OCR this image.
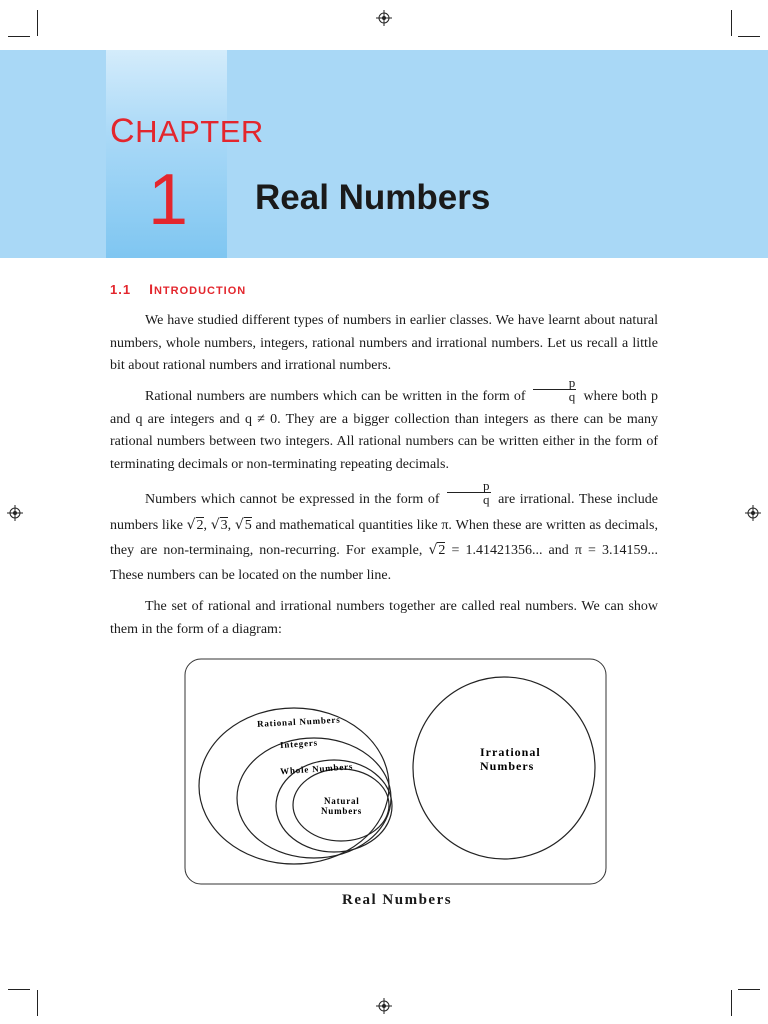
CHAPTER
1 Real Numbers
1.1 INTRODUCTION
We have studied different types of numbers in earlier classes. We have learnt about natural numbers, whole numbers, integers, rational numbers and irrational numbers. Let us recall a little bit about rational numbers and irrational numbers.
Rational numbers are numbers which can be written in the form of $\frac{p}{q}$ where both p and q are integers and q ≠ 0. They are a bigger collection than integers as there can be many rational numbers between two integers. All rational numbers can be written either in the form of terminating decimals or non-terminating repeating decimals.
Numbers which cannot be expressed in the form of $\frac{p}{q}$ are irrational. These include numbers like √2, √3, √5 and mathematical quantities like π. When these are written as decimals, they are non-terminaing, non-recurring. For example, √2 = 1.41421356... and π = 3.14159... These numbers can be located on the number line.
The set of rational and irrational numbers together are called real numbers. We can show them in the form of a diagram:
Rational Numbers
Integers
Whole Numbers
Natural
Numbers
Irrational
Numbers
Real Numbers
